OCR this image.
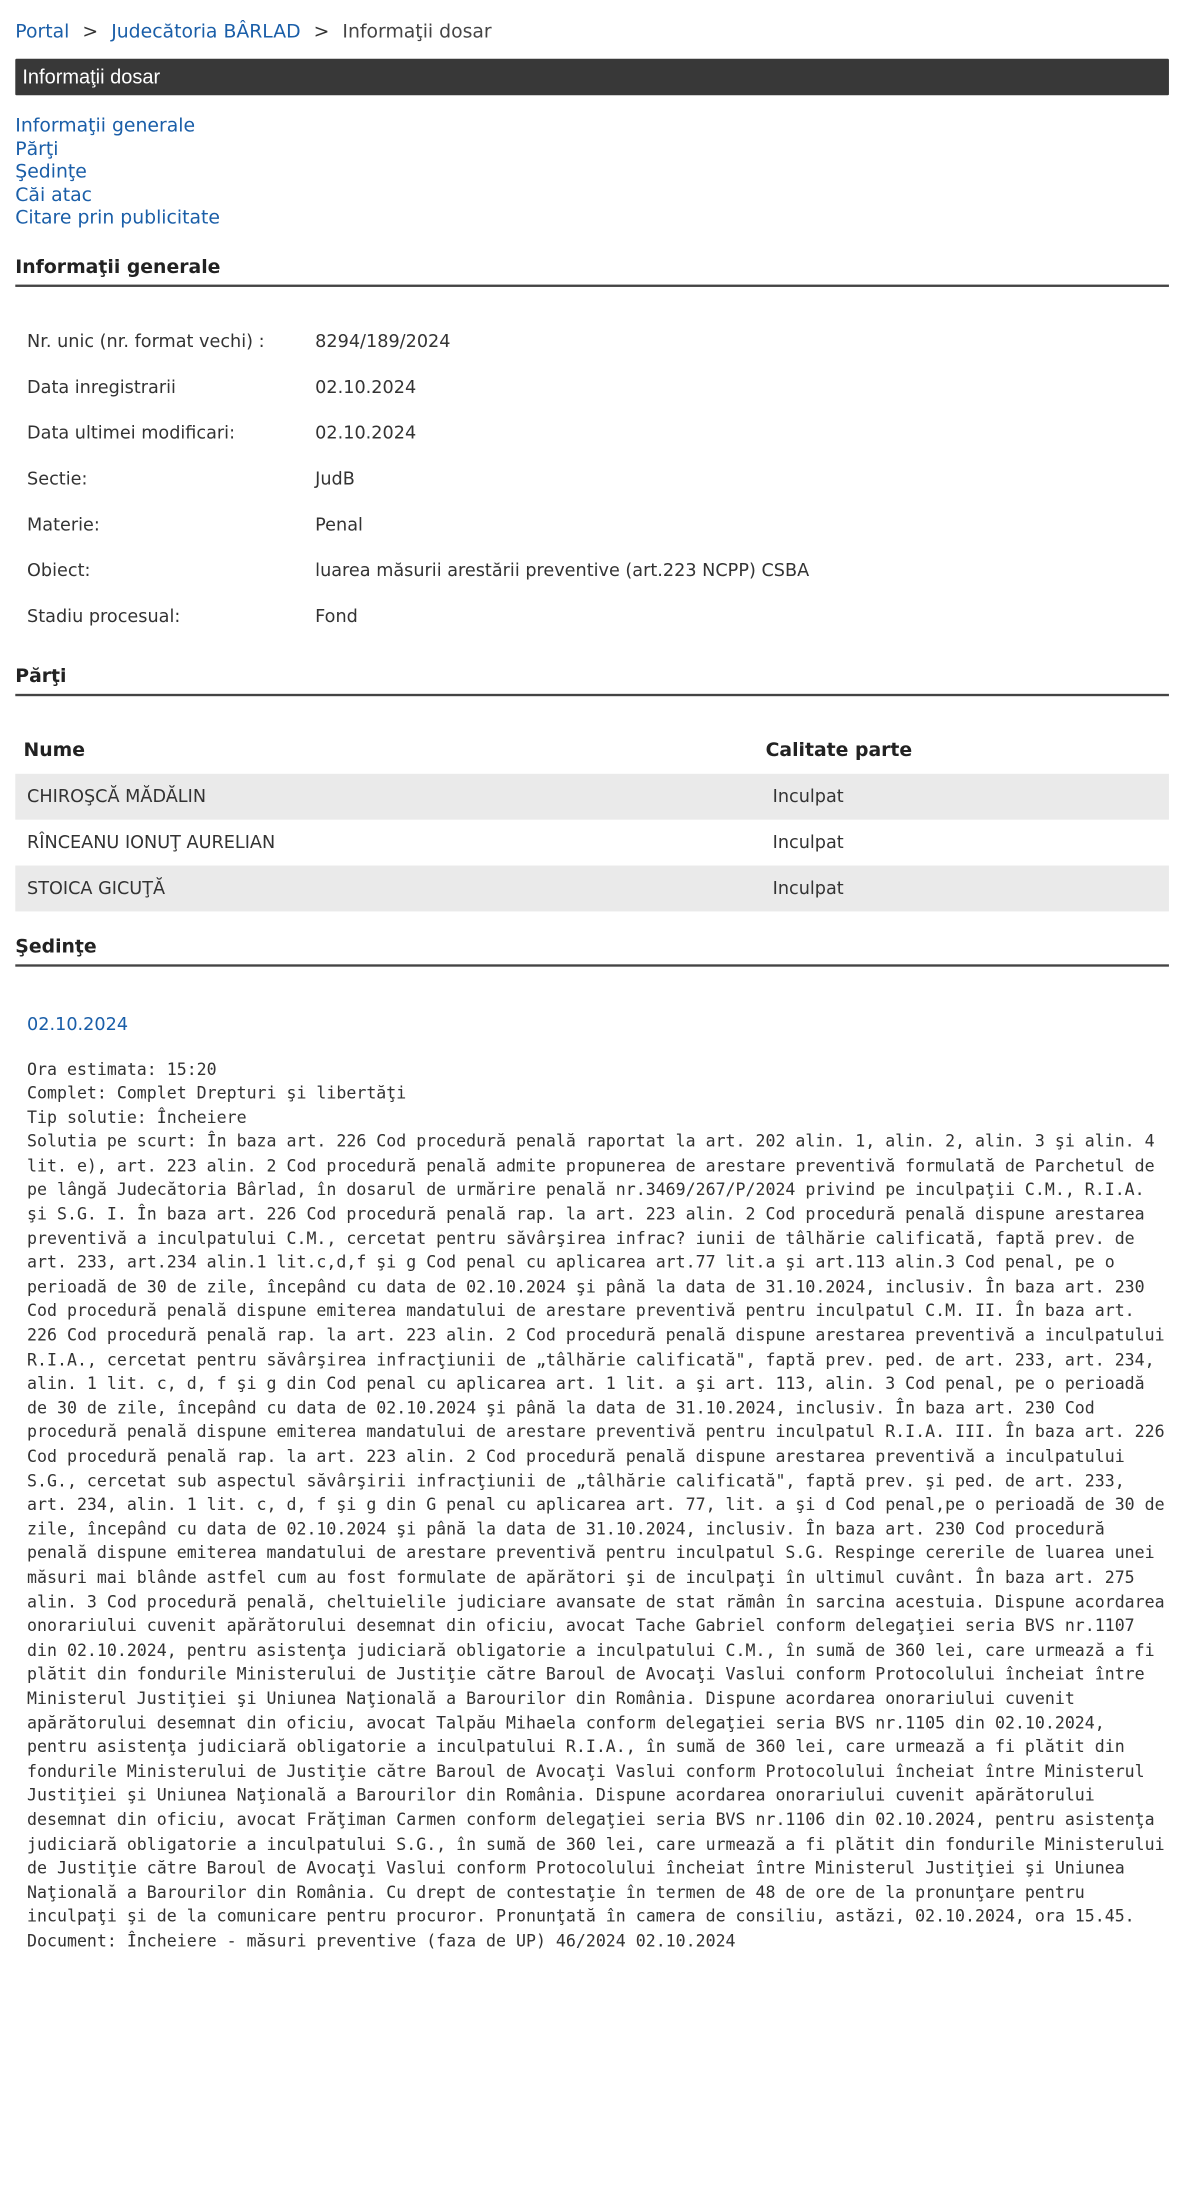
Portal > Judecătoria BÂRLAD > Informaţii dosar
Informaţii dosar
Informaţii generale
Părţi
Şedinţe
Căi atac
Citare prin publicitate
Informaţii generale
Nr. unic (nr. format vechi) :	8294/189/2024
Data inregistrarii	02.10.2024
Data ultimei modificari:	02.10.2024
Sectie:	JudB
Materie:	Penal
Obiect:	luarea măsurii arestării preventive (art.223 NCPP) CSBA
Stadiu procesual:	Fond
Părţi
Nume	Calitate parte
CHIROŞCĂ MĂDĂLIN	Inculpat
RÎNCEANU IONUŢ AURELIAN	Inculpat
STOICA GICUŢĂ	Inculpat
Şedinţe
02.10.2024
Ora estimata: 15:20
Complet: Complet Drepturi şi libertăţi
Tip solutie: Încheiere
Solutia pe scurt: În baza art. 226 Cod procedură penală raportat la art. 202 alin. 1, alin. 2, alin. 3 şi alin. 4 lit. e), art. 223 alin. 2 Cod procedură penală admite propunerea de arestare preventivă formulată de Parchetul de pe lângă Judecătoria Bârlad, în dosarul de urmărire penală nr.3469/267/P/2024 privind pe inculpaţii C.M., R.I.A. şi S.G. I. În baza art. 226 Cod procedură penală rap. la art. 223 alin. 2 Cod procedură penală dispune arestarea preventivă a inculpatului C.M., cercetat pentru săvârşirea infrac? iunii de tâlhărie calificată, faptă prev. de art. 233, art.234 alin.1 lit.c,d,f şi g Cod penal cu aplicarea art.77 lit.a şi art.113 alin.3 Cod penal, pe o perioadă de 30 de zile, începând cu data de 02.10.2024 şi până la data de 31.10.2024, inclusiv. În baza art. 230 Cod procedură penală dispune emiterea mandatului de arestare preventivă pentru inculpatul C.M. II. În baza art. 226 Cod procedură penală rap. la art. 223 alin. 2 Cod procedură penală dispune arestarea preventivă a inculpatului R.I.A., cercetat pentru săvârşirea infracţiunii de „tâlhărie calificată", faptă prev. ped. de art. 233, art. 234, alin. 1 lit. c, d, f şi g din Cod penal cu aplicarea art. 1 lit. a şi art. 113, alin. 3 Cod penal, pe o perioadă de 30 de zile, începând cu data de 02.10.2024 şi până la data de 31.10.2024, inclusiv. În baza art. 230 Cod procedură penală dispune emiterea mandatului de arestare preventivă pentru inculpatul R.I.A. III. În baza art. 226 Cod procedură penală rap. la art. 223 alin. 2 Cod procedură penală dispune arestarea preventivă a inculpatului S.G., cercetat sub aspectul săvârşirii infracţiunii de „tâlhărie calificată", faptă prev. şi ped. de art. 233, art. 234, alin. 1 lit. c, d, f şi g din G penal cu aplicarea art. 77, lit. a şi d Cod penal,pe o perioadă de 30 de zile, începând cu data de 02.10.2024 şi până la data de 31.10.2024, inclusiv. În baza art. 230 Cod procedură penală dispune emiterea mandatului de arestare preventivă pentru inculpatul S.G. Respinge cererile de luarea unei măsuri mai blânde astfel cum au fost formulate de apărători şi de inculpaţi în ultimul cuvânt. În baza art. 275 alin. 3 Cod procedură penală, cheltuielile judiciare avansate de stat rămân în sarcina acestuia. Dispune acordarea onorariului cuvenit apărătorului desemnat din oficiu, avocat Tache Gabriel conform delegaţiei seria BVS nr.1107 din 02.10.2024, pentru asistenţa judiciară obligatorie a inculpatului C.M., în sumă de 360 lei, care urmează a fi plătit din fondurile Ministerului de Justiţie către Baroul de Avocaţi Vaslui conform Protocolului încheiat între Ministerul Justiţiei şi Uniunea Naţională a Barourilor din România. Dispune acordarea onorariului cuvenit apărătorului desemnat din oficiu, avocat Talpău Mihaela conform delegaţiei seria BVS nr.1105 din 02.10.2024, pentru asistenţa judiciară obligatorie a inculpatului R.I.A., în sumă de 360 lei, care urmează a fi plătit din fondurile Ministerului de Justiţie către Baroul de Avocaţi Vaslui conform Protocolului încheiat între Ministerul Justiţiei şi Uniunea Naţională a Barourilor din România. Dispune acordarea onorariului cuvenit apărătorului desemnat din oficiu, avocat Frăţiman Carmen conform delegaţiei seria BVS nr.1106 din 02.10.2024, pentru asistenţa judiciară obligatorie a inculpatului S.G., în sumă de 360 lei, care urmează a fi plătit din fondurile Ministerului de Justiţie către Baroul de Avocaţi Vaslui conform Protocolului încheiat între Ministerul Justiţiei şi Uniunea Naţională a Barourilor din România. Cu drept de contestaţie în termen de 48 de ore de la pronunţare pentru inculpaţi şi de la comunicare pentru procuror. Pronunţată în camera de consiliu, astăzi, 02.10.2024, ora 15.45.
Document: Încheiere - măsuri preventive (faza de UP) 46/2024 02.10.2024
